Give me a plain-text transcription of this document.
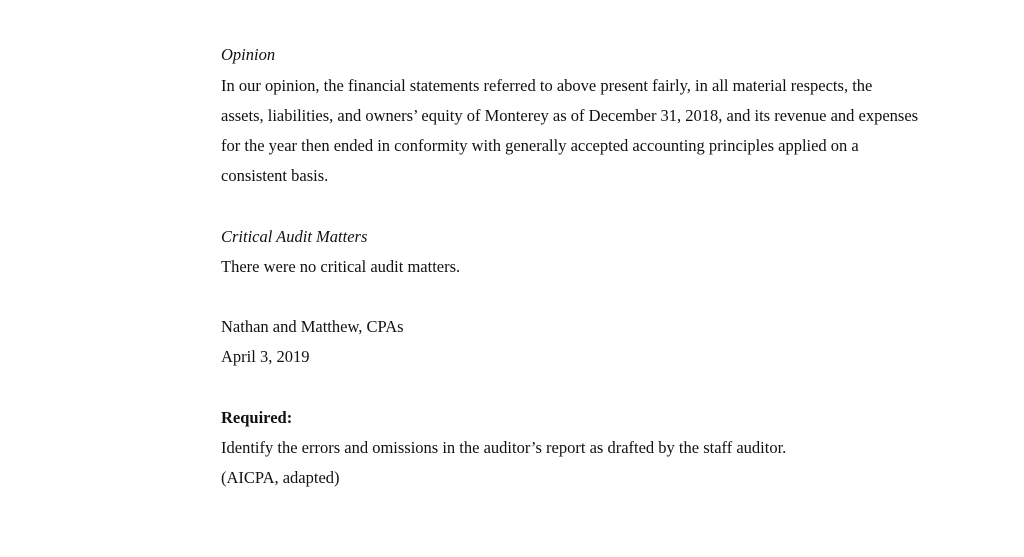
Opinion
In our opinion, the financial statements referred to above present fairly, in all material respects, the
assets, liabilities, and owners’ equity of Monterey as of December 31, 2018, and its revenue and expenses
for the year then ended in conformity with generally accepted accounting principles applied on a
consistent basis.
Critical Audit Matters
There were no critical audit matters.
Nathan and Matthew, CPAs
April 3, 2019
Required:
Identify the errors and omissions in the auditor’s report as drafted by the staff auditor.
(AICPA, adapted)
